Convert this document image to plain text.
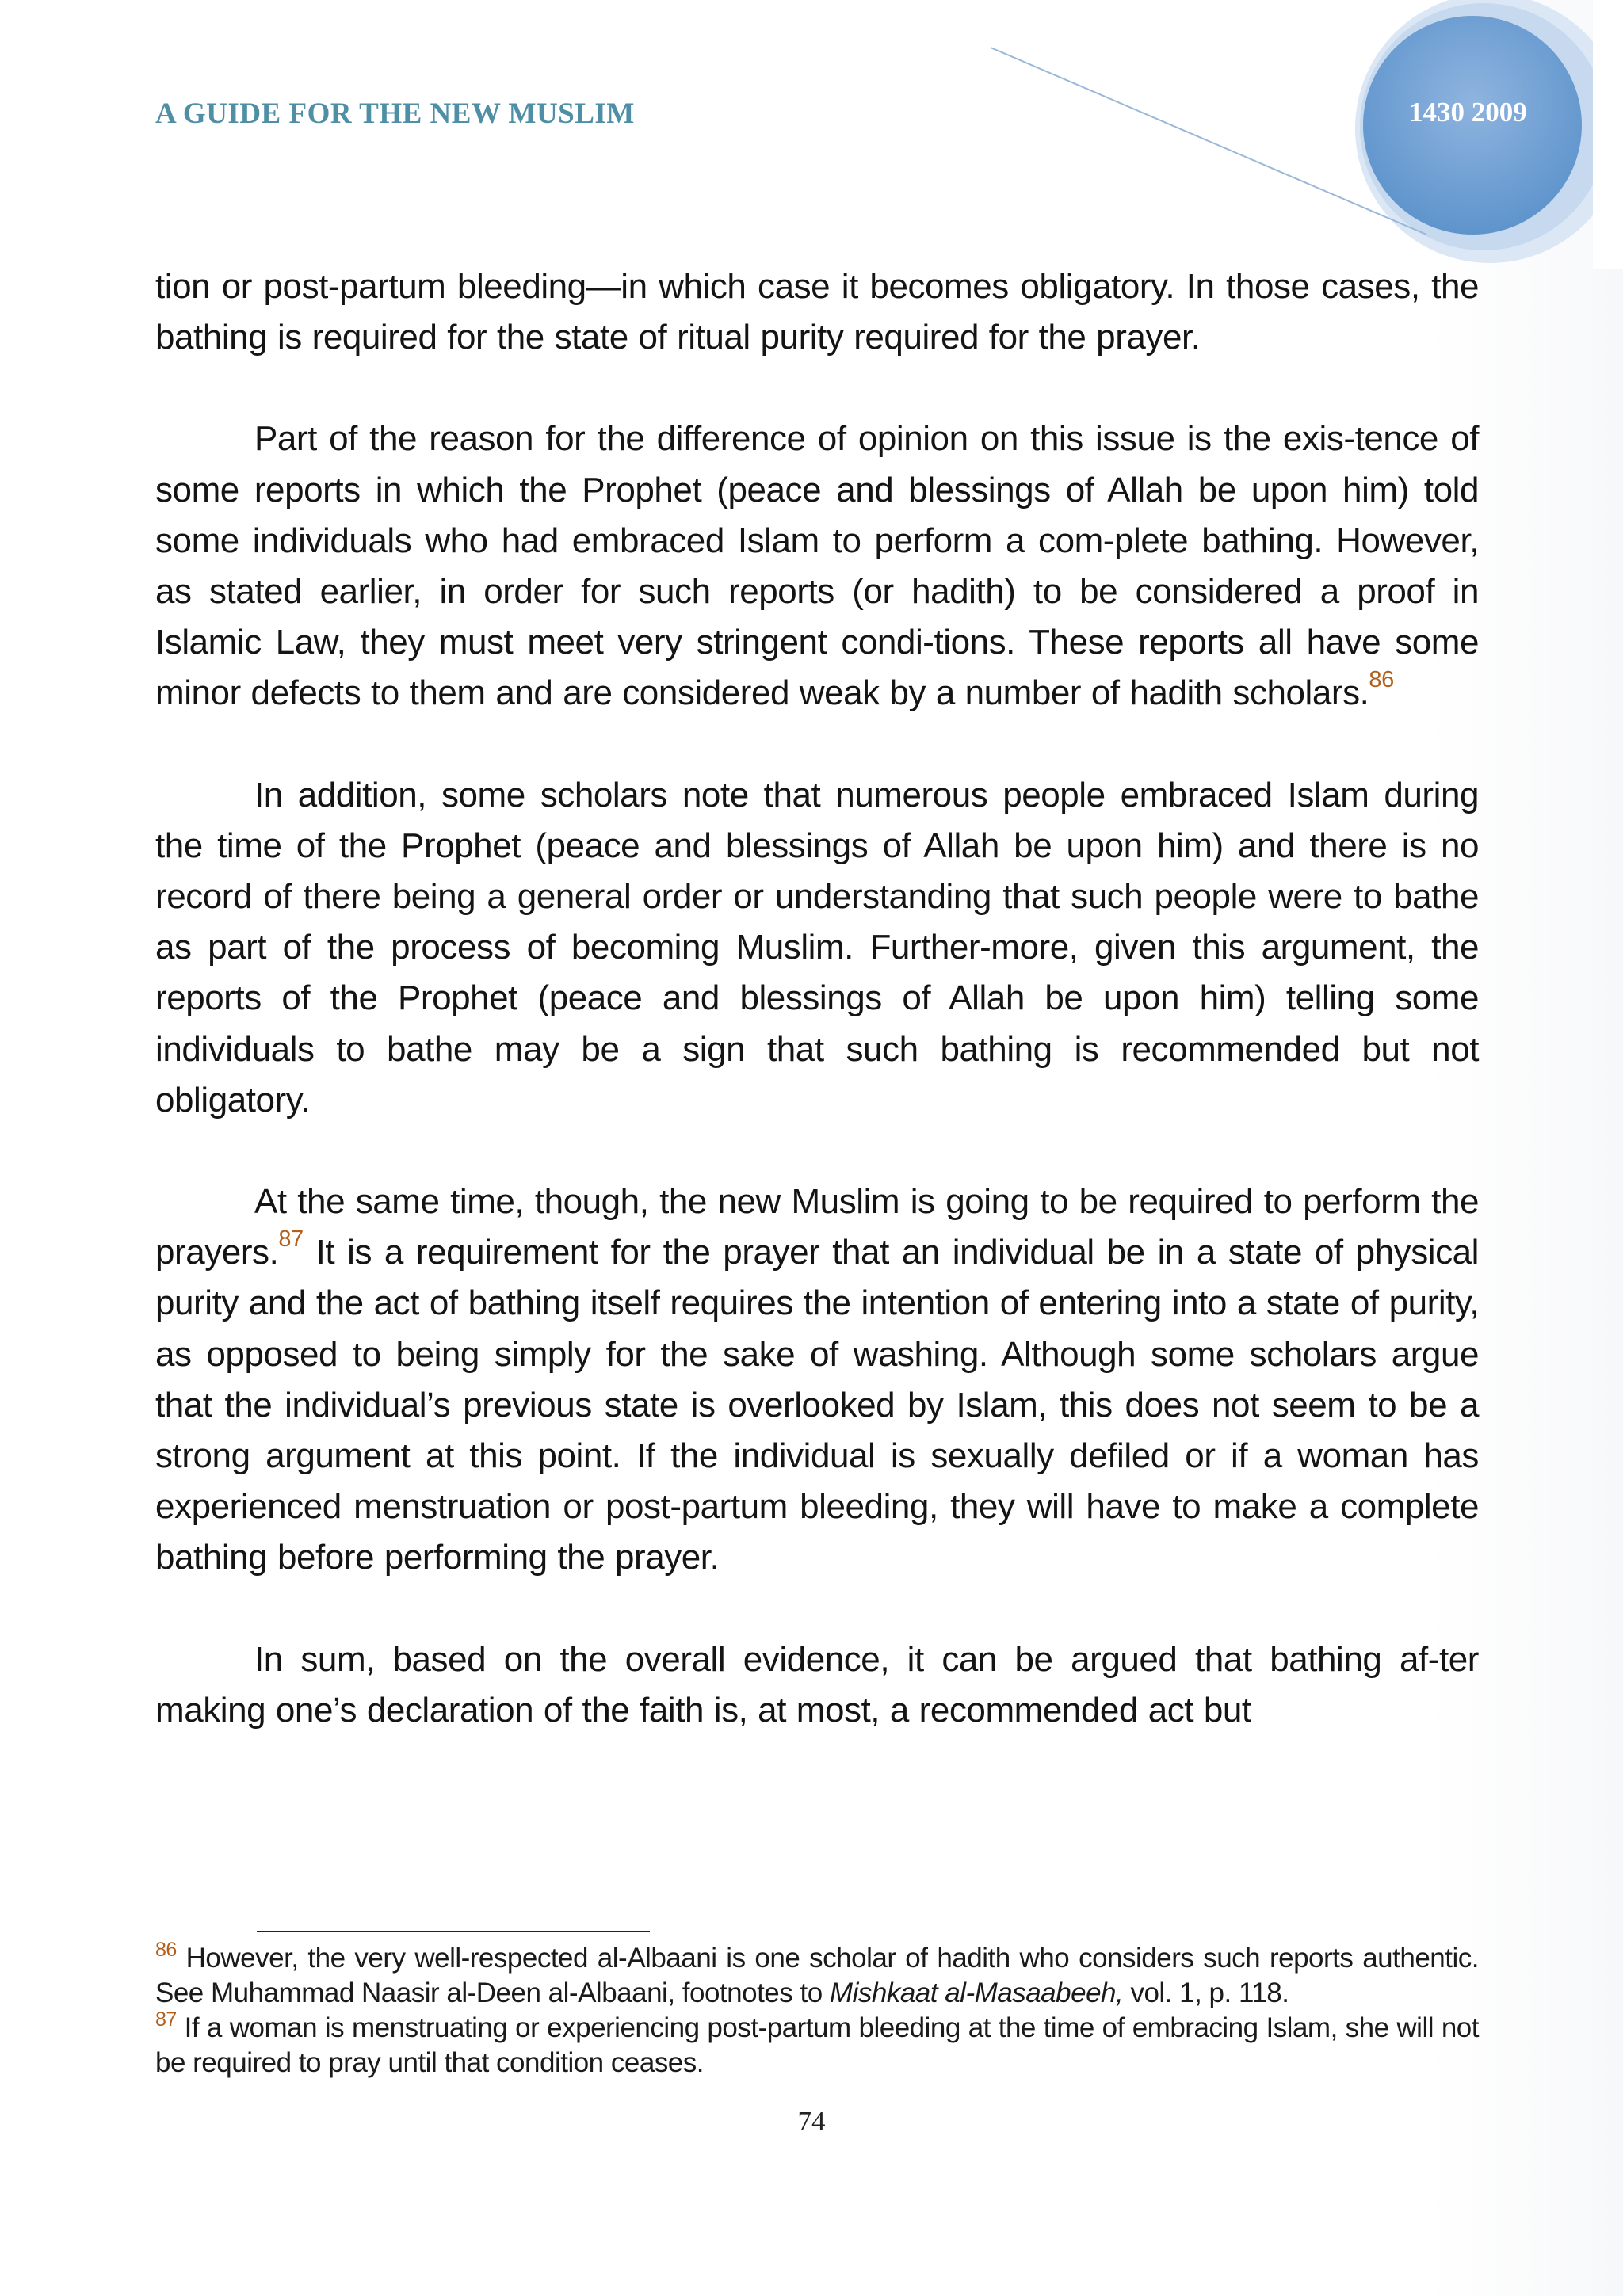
A GUIDE FOR THE NEW MUSLIM	1430 2009

tion or post-partum bleeding—in which case it becomes obligatory. In those cases, the bathing is required for the state of ritual purity required for the prayer.

Part of the reason for the difference of opinion on this issue is the exis-tence of some reports in which the Prophet (peace and blessings of Allah be upon him) told some individuals who had embraced Islam to perform a com-plete bathing. However, as stated earlier, in order for such reports (or hadith) to be considered a proof in Islamic Law, they must meet very stringent condi-tions. These reports all have some minor defects to them and are considered weak by a number of hadith scholars.$^{86}$

In addition, some scholars note that numerous people embraced Islam during the time of the Prophet (peace and blessings of Allah be upon him) and there is no record of there being a general order or understanding that such people were to bathe as part of the process of becoming Muslim. Further-more, given this argument, the reports of the Prophet (peace and blessings of Allah be upon him) telling some individuals to bathe may be a sign that such bathing is recommended but not obligatory.

At the same time, though, the new Muslim is going to be required to perform the prayers.$^{87}$ It is a requirement for the prayer that an individual be in a state of physical purity and the act of bathing itself requires the intention of entering into a state of purity, as opposed to being simply for the sake of washing. Although some scholars argue that the individual’s previous state is overlooked by Islam, this does not seem to be a strong argument at this point. If the individual is sexually defiled or if a woman has experienced menstruation or post-partum bleeding, they will have to make a complete bathing before performing the prayer.

In sum, based on the overall evidence, it can be argued that bathing af-ter making one’s declaration of the faith is, at most, a recommended act but

$^{86}$ However, the very well-respected al-Albaani is one scholar of hadith who considers such reports authentic. See Muhammad Naasir al-Deen al-Albaani, footnotes to Mishkaat al-Masaabeeh, vol. 1, p. 118.

$^{87}$ If a woman is menstruating or experiencing post-partum bleeding at the time of embracing Islam, she will not be required to pray until that condition ceases.

74
